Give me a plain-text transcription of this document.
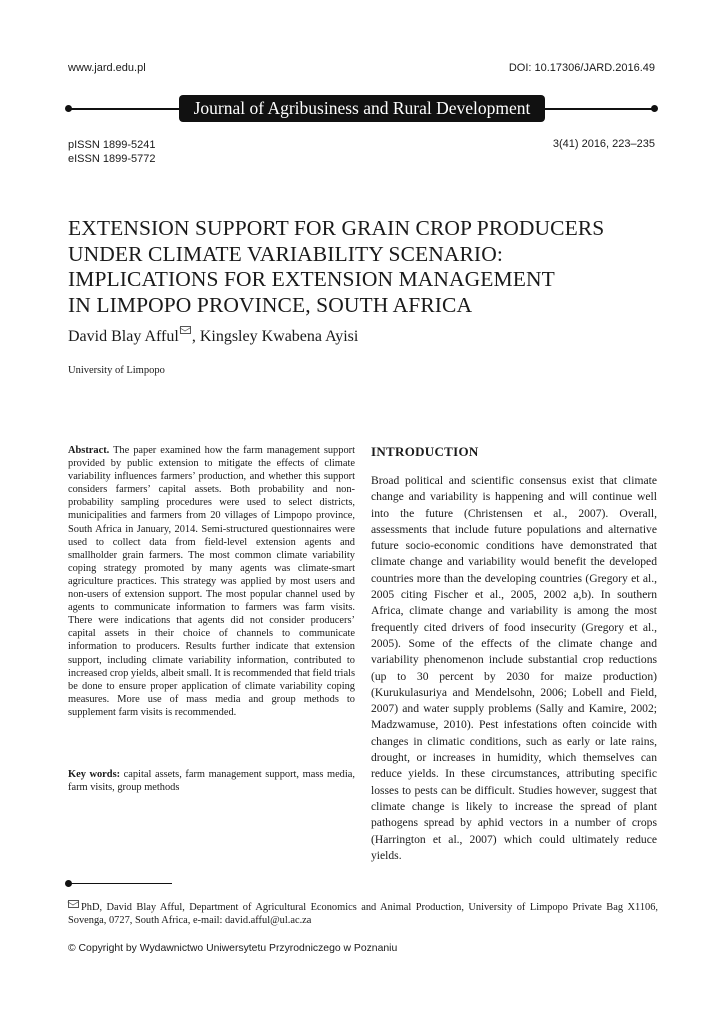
www.jard.edu.pl	DOI: 10.17306/JARD.2016.49
Journal of Agribusiness and Rural Development
pISSN 1899-5241
eISSN 1899-5772
3(41) 2016, 223–235
EXTENSION SUPPORT FOR GRAIN CROP PRODUCERS
UNDER CLIMATE VARIABILITY SCENARIO:
IMPLICATIONS FOR EXTENSION MANAGEMENT
IN LIMPOPO PROVINCE, SOUTH AFRICA
David Blay Afful , Kingsley Kwabena Ayisi
University of Limpopo
Abstract. The paper examined how the farm management support provided by public extension to mitigate the effects of climate variability influences farmers’ production, and whether this support considers farmers’ capital assets. Both probability and non-probability sampling procedures were used to select districts, municipalities and farmers from 20 villages of Limpopo province, South Africa in January, 2014. Semi-structured questionnaires were used to collect data from field-level extension agents and smallholder grain farmers. The most common climate variability coping strategy promoted by many agents was climate-smart agriculture practices. This strategy was applied by most users and non-users of extension support. The most popular channel used by agents to communicate information to farmers was farm visits. There were indications that agents did not consider producers’ capital assets in their choice of channels to communicate information to producers. Results further indicate that extension support, including climate variability information, contributed to increased crop yields, albeit small. It is recommended that field trials be done to ensure proper application of climate variability coping measures. More use of mass media and group methods to supplement farm visits is recommended.
Key words: capital assets, farm management support, mass media, farm visits, group methods
INTRODUCTION
Broad political and scientific consensus exist that climate change and variability is happening and will continue well into the future (Christensen et al., 2007). Overall, assessments that include future populations and alternative future socio-economic conditions have demonstrated that climate change and variability would benefit the developed countries more than the developing countries (Gregory et al., 2005 citing Fischer et al., 2005, 2002 a,b). In southern Africa, climate change and variability is among the most frequently cited drivers of food insecurity (Gregory et al., 2005). Some of the effects of the climate change and variability phenomenon include substantial crop reductions (up to 30 percent by 2030 for maize production) (Kurukulasuriya and Mendelsohn, 2006; Lobell and Field, 2007) and water supply problems (Sally and Kamire, 2002; Madzwamuse, 2010). Pest infestations often coincide with changes in climatic conditions, such as early or late rains, drought, or increases in humidity, which themselves can reduce yields. In these circumstances, attributing specific losses to pests can be difficult. Studies however, suggest that climate change is likely to increase the spread of plant pathogens spread by aphid vectors in a number of crops (Harrington et al., 2007) which could ultimately reduce yields.
PhD, David Blay Afful, Department of Agricultural Economics and Animal Production, University of Limpopo Private Bag X1106, Sovenga, 0727, South Africa, e-mail: david.afful@ul.ac.za
© Copyright by Wydawnictwo Uniwersytetu Przyrodniczego w Poznaniu
